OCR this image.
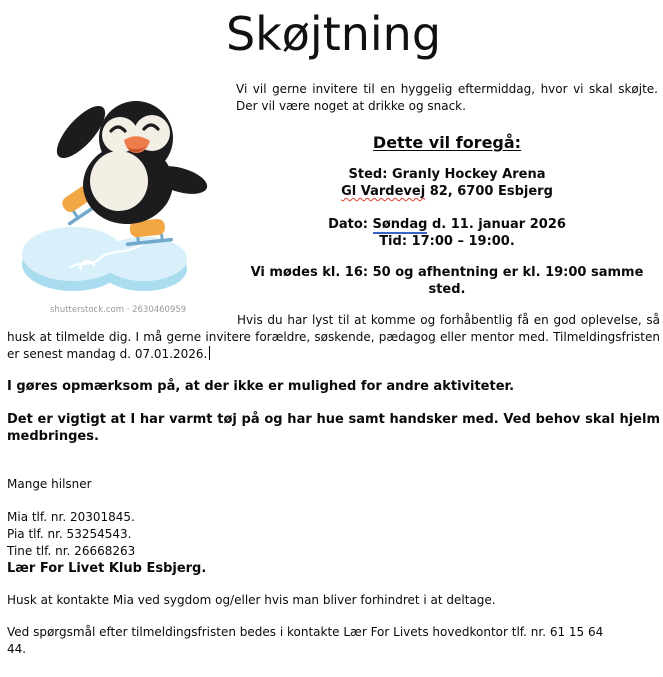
Skøjtning
shutterstock.com · 2630460959

Vi vil gerne invitere til en hyggelig eftermiddag, hvor vi skal skøjte. Der vil være noget at drikke og snack.

Dette vil foregå:

Sted: Granly Hockey Arena
Gl Vardevej 82, 6700 Esbjerg

Dato: Søndag d. 11. januar 2026
Tid: 17:00 – 19:00.

Vi mødes kl. 16: 50 og afhentning er kl. 19:00 samme sted.

Hvis du har lyst til at komme og forhåbentlig få en god oplevelse, så husk at tilmelde dig. I må gerne invitere forældre, søskende, pædagog eller mentor med. Tilmeldingsfristen er senest mandag d. 07.01.2026.

I gøres opmærksom på, at der ikke er mulighed for andre aktiviteter.

Det er vigtigt at I har varmt tøj på og har hue samt handsker med. Ved behov skal hjelm medbringes.

Mange hilsner

Mia tlf. nr. 20301845.
Pia tlf. nr. 53254543.
Tine tlf. nr. 26668263
Lær For Livet Klub Esbjerg.

Husk at kontakte Mia ved sygdom og/eller hvis man bliver forhindret i at deltage.

Ved spørgsmål efter tilmeldingsfristen bedes i kontakte Lær For Livets hovedkontor tlf. nr. 61 15 64 44.
